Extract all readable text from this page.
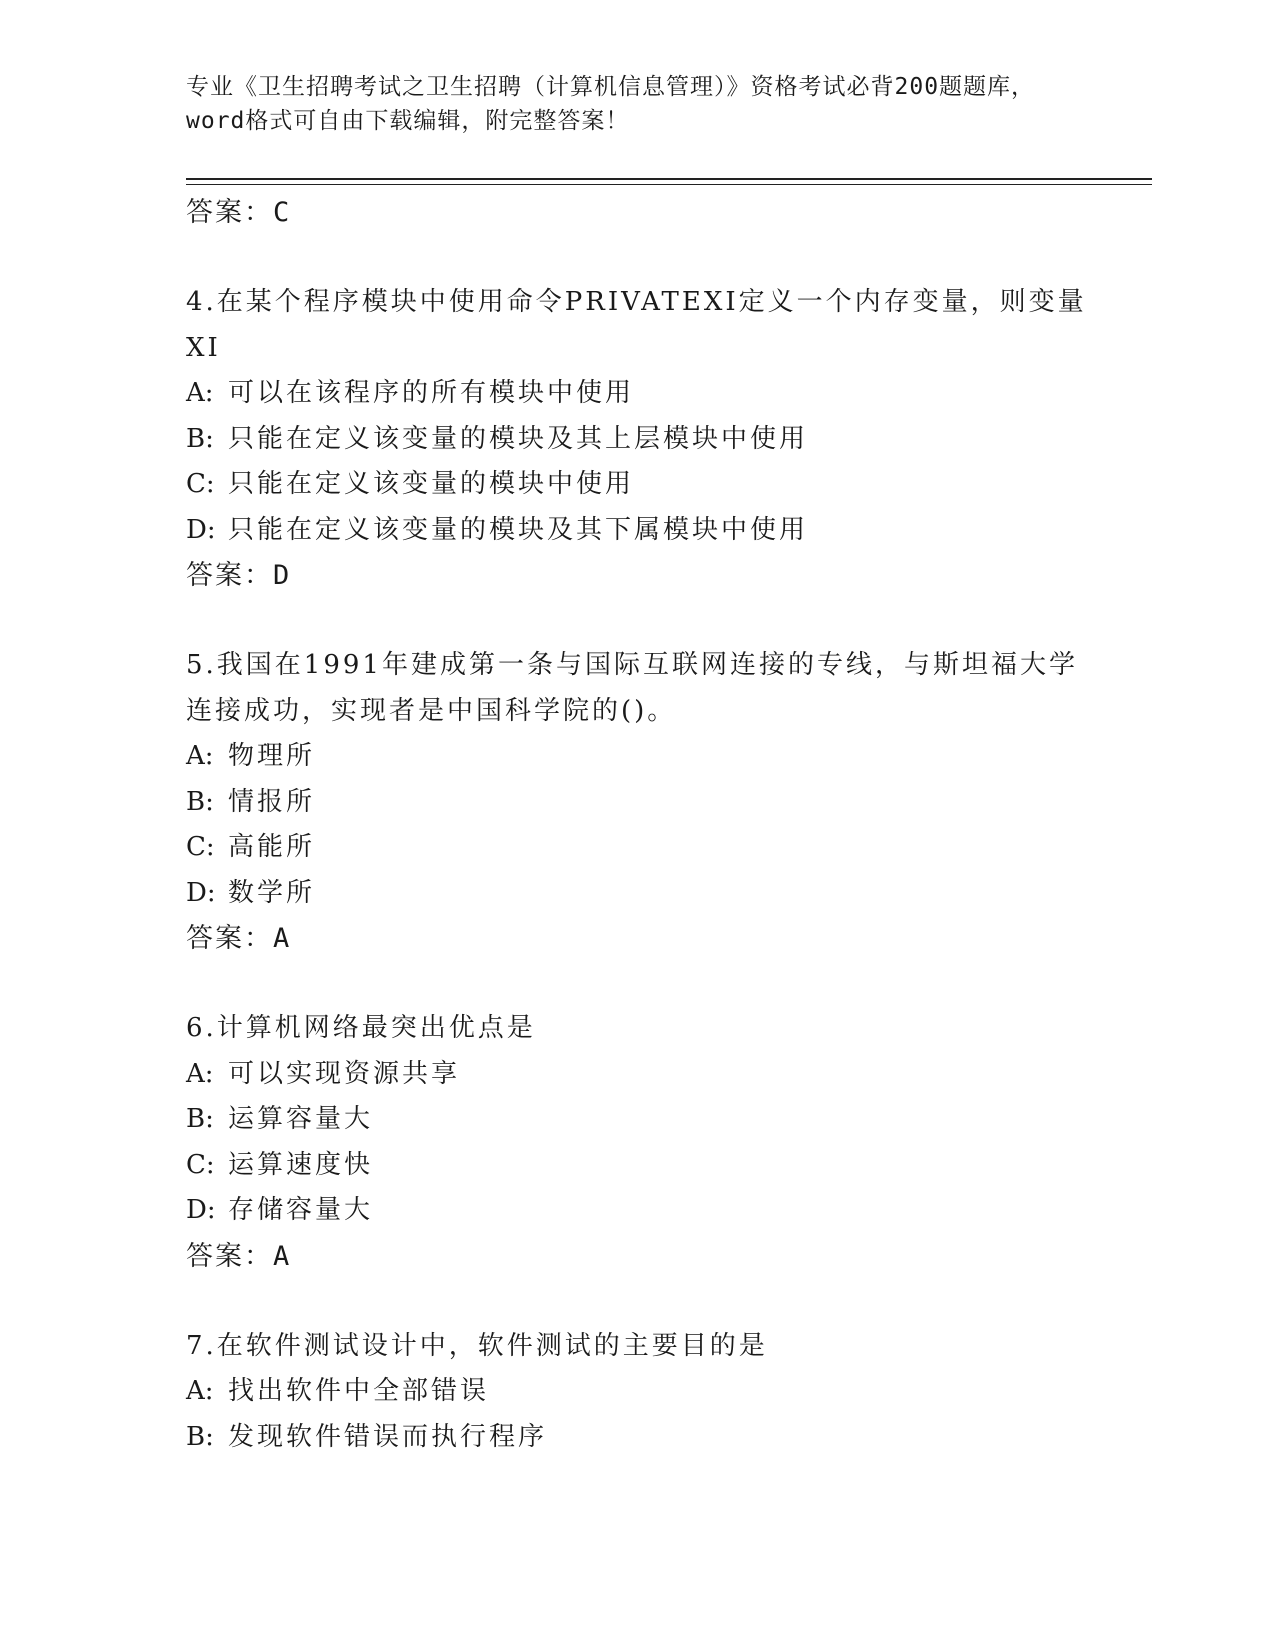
专业《卫生招聘考试之卫生招聘（计算机信息管理）》资格考试必背200题题库，
word格式可自由下载编辑，附完整答案！
答案：C
4.在某个程序模块中使用命令PRIVATEXI定义一个内存变量，则变量
XI
A: 可以在该程序的所有模块中使用
B: 只能在定义该变量的模块及其上层模块中使用
C: 只能在定义该变量的模块中使用
D: 只能在定义该变量的模块及其下属模块中使用
答案：D
5.我国在1991年建成第一条与国际互联网连接的专线，与斯坦福大学
连接成功，实现者是中国科学院的()。
A: 物理所
B: 情报所
C: 高能所
D: 数学所
答案：A
6.计算机网络最突出优点是
A: 可以实现资源共享
B: 运算容量大
C: 运算速度快
D: 存储容量大
答案：A
7.在软件测试设计中，软件测试的主要目的是
A: 找出软件中全部错误
B: 发现软件错误而执行程序
